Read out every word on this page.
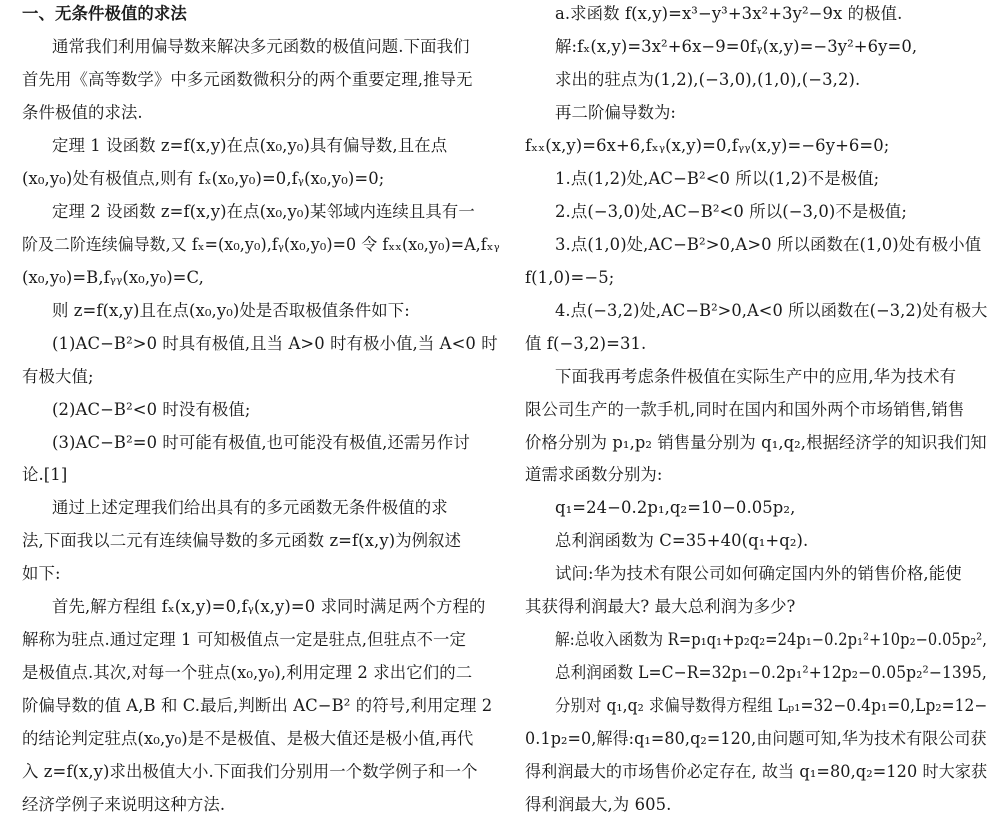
一、无条件极值的求法
通常我们利用偏导数来解决多元函数的极值问题.下面我们
首先用《高等数学》中多元函数微积分的两个重要定理,推导无
条件极值的求法.
定理 1 设函数 z=f(x,y)在点(x₀,y₀)具有偏导数,且在点
(x₀,y₀)处有极值点,则有 fₓ(x₀,y₀)=0,fᵧ(x₀,y₀)=0;
定理 2 设函数 z=f(x,y)在点(x₀,y₀)某邻域内连续且具有一
阶及二阶连续偏导数,又 fₓ=(x₀,y₀),fᵧ(x₀,y₀)=0 令 fₓₓ(x₀,y₀)=A,fₓᵧ
(x₀,y₀)=B,fᵧᵧ(x₀,y₀)=C,
则 z=f(x,y)且在点(x₀,y₀)处是否取极值条件如下:
(1)AC−B²>0 时具有极值,且当 A>0 时有极小值,当 A<0 时
有极大值;
(2)AC−B²<0 时没有极值;
(3)AC−B²=0 时可能有极值,也可能没有极值,还需另作讨
论.[1]
通过上述定理我们给出具有的多元函数无条件极值的求
法,下面我以二元有连续偏导数的多元函数 z=f(x,y)为例叙述
如下:
首先,解方程组 fₓ(x,y)=0,fᵧ(x,y)=0 求同时满足两个方程的
解称为驻点.通过定理 1 可知极值点一定是驻点,但驻点不一定
是极值点.其次,对每一个驻点(x₀,y₀),利用定理 2 求出它们的二
阶偏导数的值 A,B 和 C.最后,判断出 AC−B² 的符号,利用定理 2
的结论判定驻点(x₀,y₀)是不是极值、是极大值还是极小值,再代
入 z=f(x,y)求出极值大小.下面我们分别用一个数学例子和一个
经济学例子来说明这种方法.
a.求函数 f(x,y)=x³−y³+3x²+3y²−9x 的极值.
解:fₓ(x,y)=3x²+6x−9=0fᵧ(x,y)=−3y²+6y=0,
求出的驻点为(1,2),(−3,0),(1,0),(−3,2).
再二阶偏导数为:
fₓₓ(x,y)=6x+6,fₓᵧ(x,y)=0,fᵧᵧ(x,y)=−6y+6=0;
1.点(1,2)处,AC−B²<0 所以(1,2)不是极值;
2.点(−3,0)处,AC−B²<0 所以(−3,0)不是极值;
3.点(1,0)处,AC−B²>0,A>0 所以函数在(1,0)处有极小值
f(1,0)=−5;
4.点(−3,2)处,AC−B²>0,A<0 所以函数在(−3,2)处有极大
值 f(−3,2)=31.
下面我再考虑条件极值在实际生产中的应用,华为技术有
限公司生产的一款手机,同时在国内和国外两个市场销售,销售
价格分别为 p₁,p₂ 销售量分别为 q₁,q₂,根据经济学的知识我们知
道需求函数分别为:
q₁=24−0.2p₁,q₂=10−0.05p₂,
总利润函数为 C=35+40(q₁+q₂).
试问:华为技术有限公司如何确定国内外的销售价格,能使
其获得利润最大? 最大总利润为多少?
解:总收入函数为 R=p₁q₁+p₂q₂=24p₁−0.2p₁²+10p₂−0.05p₂²,
总利润函数 L=C−R=32p₁−0.2p₁²+12p₂−0.05p₂²−1395,
分别对 q₁,q₂ 求偏导数得方程组 Lₚ₁=32−0.4p₁=0,Lp₂=12−
0.1p₂=0,解得:q₁=80,q₂=120,由问题可知,华为技术有限公司获
得利润最大的市场售价必定存在, 故当 q₁=80,q₂=120 时大家获
得利润最大,为 605.
